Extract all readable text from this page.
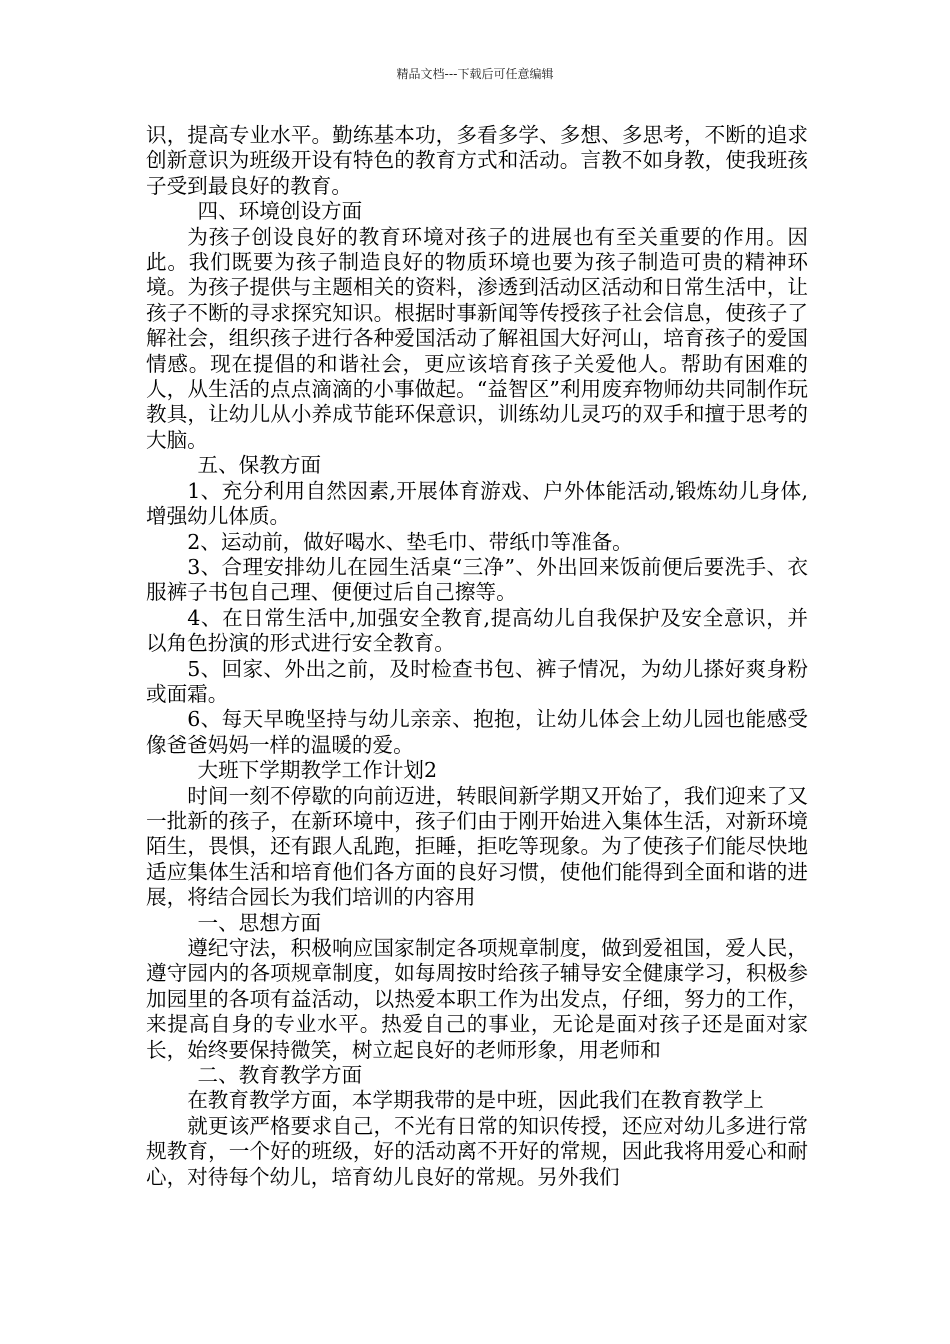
精品文档---下载后可任意编辑

识，提高专业水平。勤练基本功，多看多学、多想、多思考，不断的追求创新意识为班级开设有特色的教育方式和活动。言教不如身教，使我班孩子受到最良好的教育。

四、环境创设方面

为孩子创设良好的教育环境对孩子的进展也有至关重要的作用。因此。我们既要为孩子制造良好的物质环境也要为孩子制造可贵的精神环境。为孩子提供与主题相关的资料，渗透到活动区活动和日常生活中，让孩子不断的寻求探究知识。根据时事新闻等传授孩子社会信息，使孩子了解社会，组织孩子进行各种爱国活动了解祖国大好河山，培育孩子的爱国情感。现在提倡的和谐社会，更应该培育孩子关爱他人。帮助有困难的人，从生活的点点滴滴的小事做起。“益智区”利用废弃物师幼共同制作玩教具，让幼儿从小养成节能环保意识，训练幼儿灵巧的双手和擅于思考的大脑。

五、保教方面

1、充分利用自然因素,开展体育游戏、户外体能活动,锻炼幼儿身体,增强幼儿体质。

2、运动前，做好喝水、垫毛巾、带纸巾等准备。

3、合理安排幼儿在园生活桌“三净”、外出回来饭前便后要洗手、衣服裤子书包自己理、便便过后自己擦等。

4、在日常生活中,加强安全教育,提高幼儿自我保护及安全意识，并以角色扮演的形式进行安全教育。

5、回家、外出之前，及时检查书包、裤子情况，为幼儿搽好爽身粉或面霜。

6、每天早晚坚持与幼儿亲亲、抱抱，让幼儿体会上幼儿园也能感受像爸爸妈妈一样的温暖的爱。

大班下学期教学工作计划2

时间一刻不停歇的向前迈进，转眼间新学期又开始了，我们迎来了又一批新的孩子，在新环境中，孩子们由于刚开始进入集体生活，对新环境陌生，畏惧，还有跟人乱跑，拒睡，拒吃等现象。为了使孩子们能尽快地适应集体生活和培育他们各方面的良好习惯，使他们能得到全面和谐的进展，将结合园长为我们培训的内容用

一、思想方面

遵纪守法，积极响应国家制定各项规章制度，做到爱祖国，爱人民，遵守园内的各项规章制度，如每周按时给孩子辅导安全健康学习，积极参加园里的各项有益活动，以热爱本职工作为出发点，仔细，努力的工作，来提高自身的专业水平。热爱自己的事业，无论是面对孩子还是面对家长，始终要保持微笑，树立起良好的老师形象，用老师和

二、教育教学方面

在教育教学方面，本学期我带的是中班，因此我们在教育教学上

就更该严格要求自己，不光有日常的知识传授，还应对幼儿多进行常规教育，一个好的班级，好的活动离不开好的常规，因此我将用爱心和耐心，对待每个幼儿，培育幼儿良好的常规。另外我们
